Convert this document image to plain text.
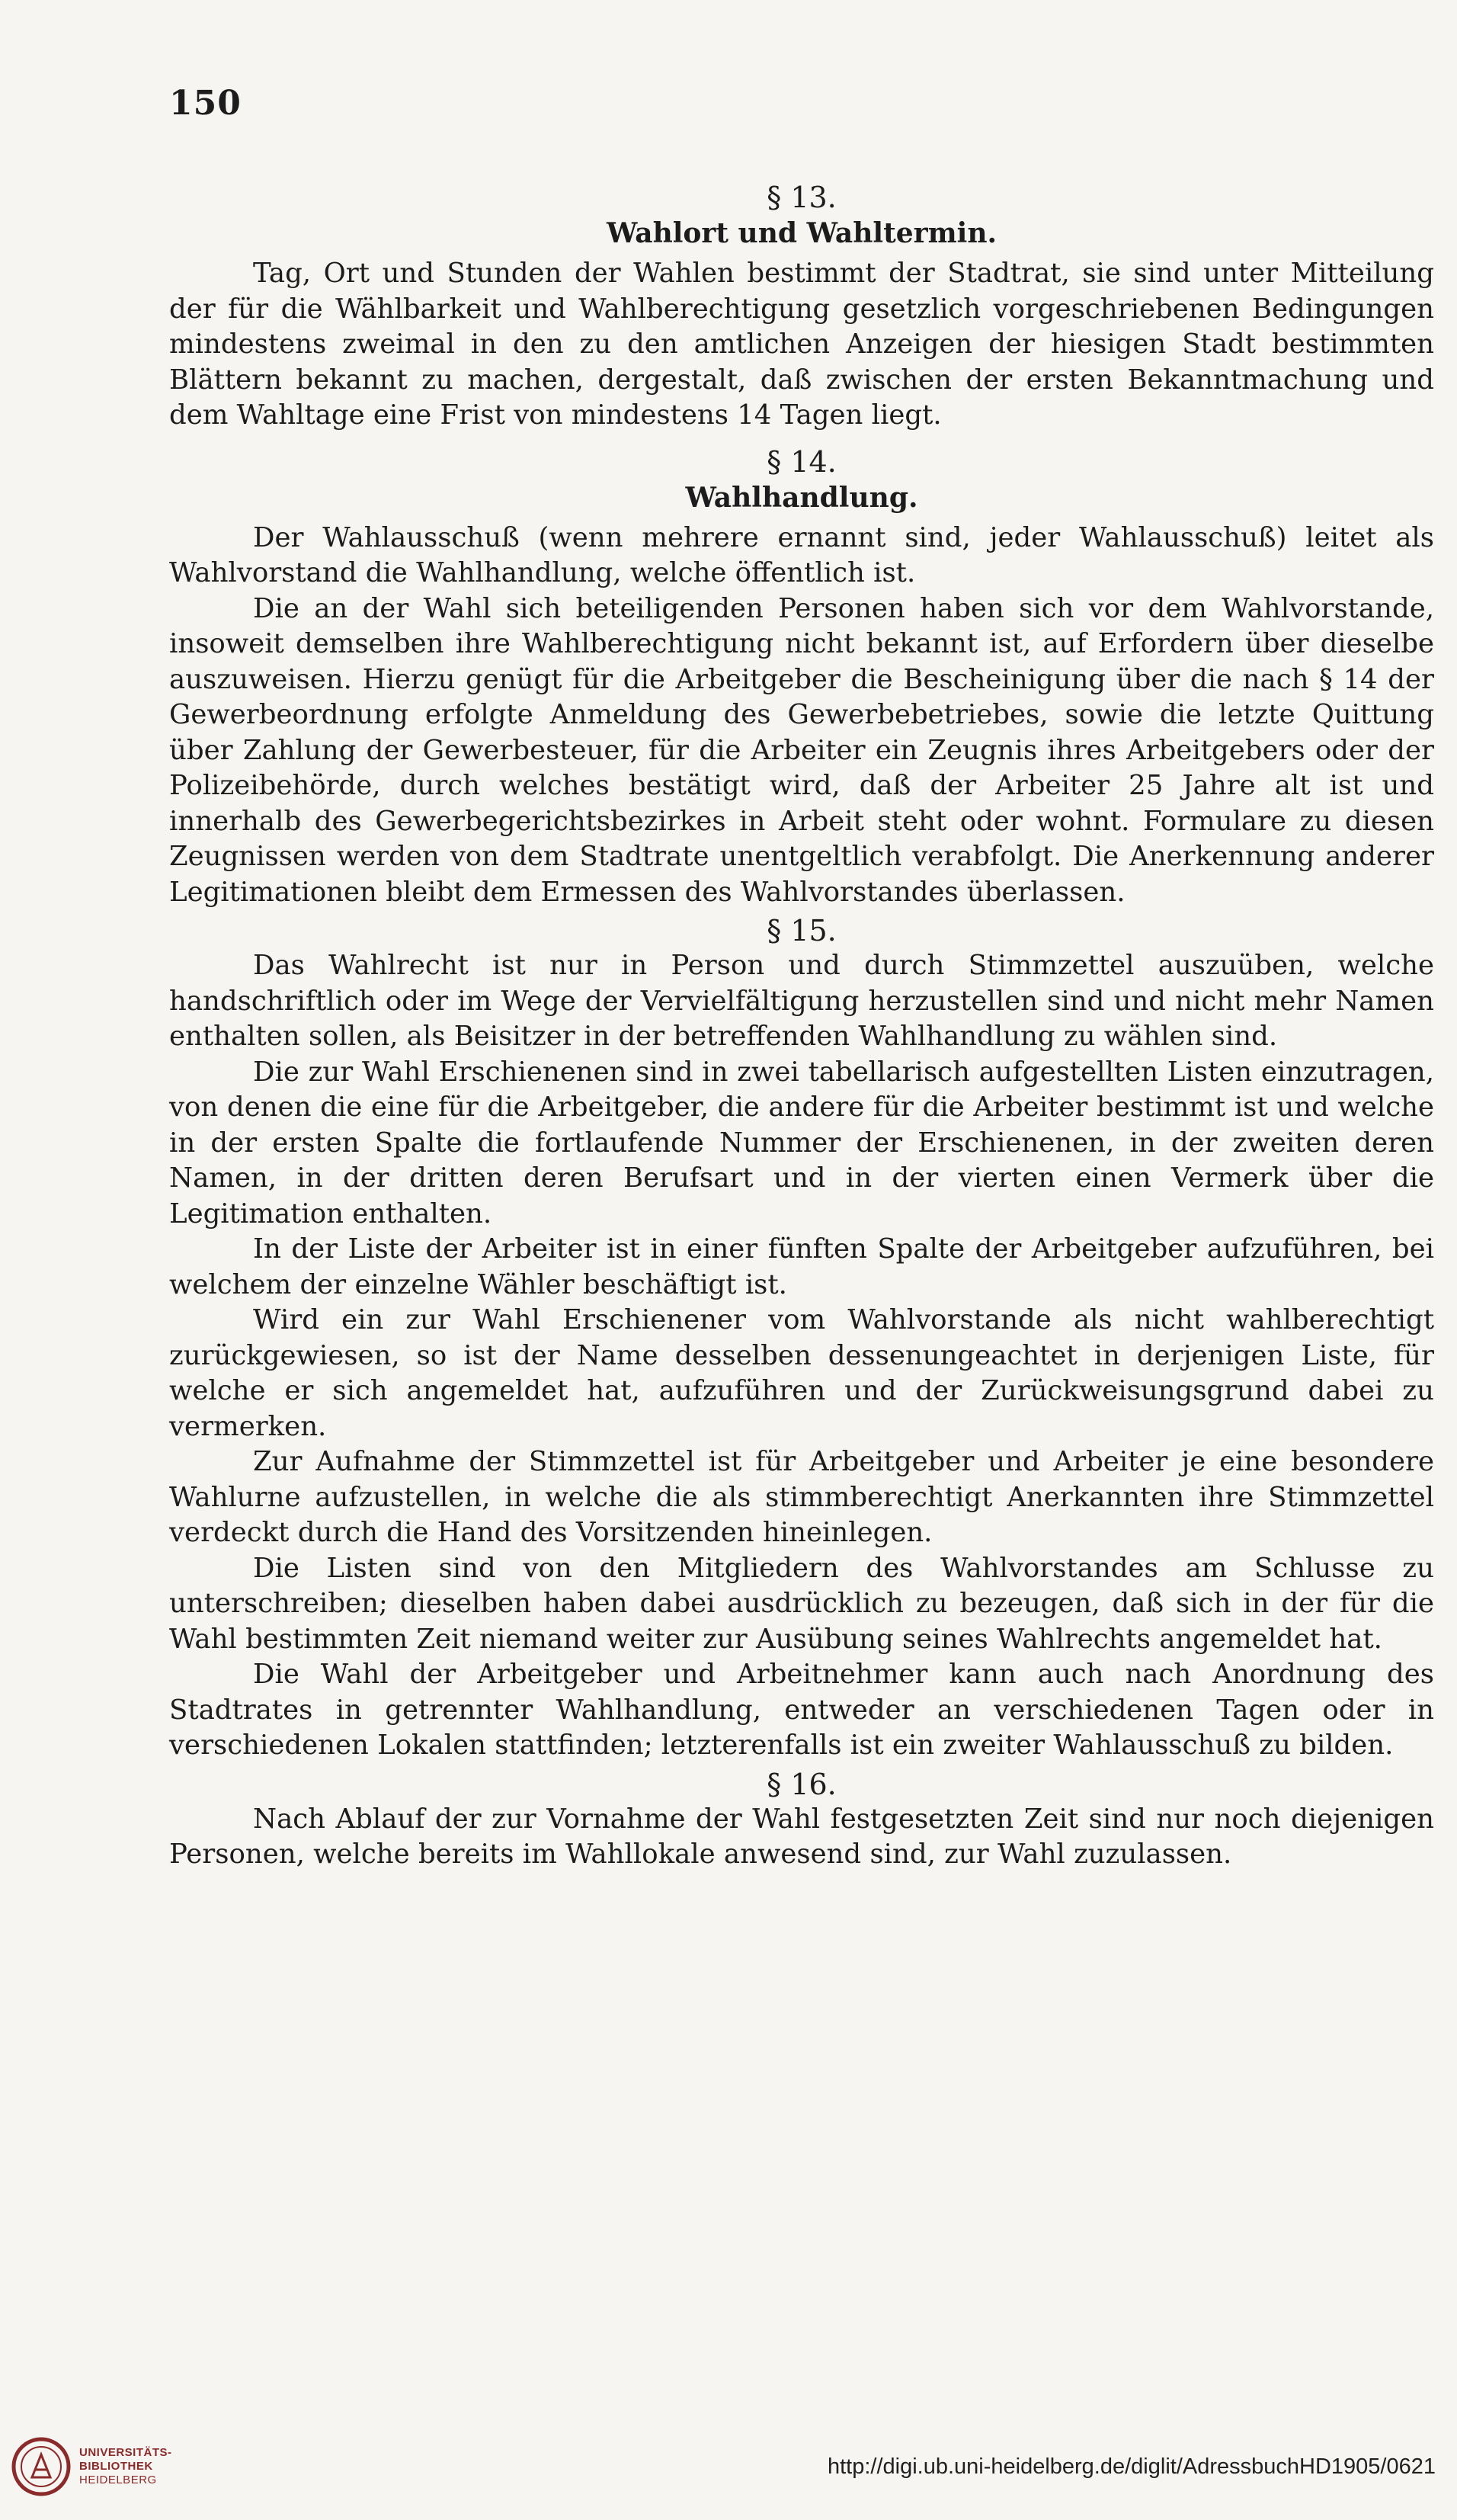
150

§ 13.

Wahlort und Wahltermin.

Tag, Ort und Stunden der Wahlen bestimmt der Stadtrat, sie sind unter Mitteilung der für die Wählbarkeit und Wahlberechtigung gesetzlich vorgeschriebenen Bedingungen mindestens zweimal in den zu den amtlichen Anzeigen der hiesigen Stadt bestimmten Blättern bekannt zu machen, dergestalt, daß zwischen der ersten Bekanntmachung und dem Wahltage eine Frist von mindestens 14 Tagen liegt.

§ 14.

Wahlhandlung.

Der Wahlausschuß (wenn mehrere ernannt sind, jeder Wahlausschuß) leitet als Wahlvorstand die Wahlhandlung, welche öffentlich ist.

Die an der Wahl sich beteiligenden Personen haben sich vor dem Wahlvorstande, insoweit demselben ihre Wahlberechtigung nicht bekannt ist, auf Erfordern über dieselbe auszuweisen. Hierzu genügt für die Arbeitgeber die Bescheinigung über die nach § 14 der Gewerbeordnung erfolgte Anmeldung des Gewerbebetriebes, sowie die letzte Quittung über Zahlung der Gewerbesteuer, für die Arbeiter ein Zeugnis ihres Arbeitgebers oder der Polizeibehörde, durch welches bestätigt wird, daß der Arbeiter 25 Jahre alt ist und innerhalb des Gewerbegerichtsbezirkes in Arbeit steht oder wohnt. Formulare zu diesen Zeugnissen werden von dem Stadtrate unentgeltlich verabfolgt. Die Anerkennung anderer Legitimationen bleibt dem Ermessen des Wahlvorstandes überlassen.

§ 15.

Das Wahlrecht ist nur in Person und durch Stimmzettel auszuüben, welche handschriftlich oder im Wege der Vervielfältigung herzustellen sind und nicht mehr Namen enthalten sollen, als Beisitzer in der betreffenden Wahlhandlung zu wählen sind.

Die zur Wahl Erschienenen sind in zwei tabellarisch aufgestellten Listen einzutragen, von denen die eine für die Arbeitgeber, die andere für die Arbeiter bestimmt ist und welche in der ersten Spalte die fortlaufende Nummer der Erschienenen, in der zweiten deren Namen, in der dritten deren Berufsart und in der vierten einen Vermerk über die Legitimation enthalten.

In der Liste der Arbeiter ist in einer fünften Spalte der Arbeitgeber aufzuführen, bei welchem der einzelne Wähler beschäftigt ist.

Wird ein zur Wahl Erschienener vom Wahlvorstande als nicht wahlberechtigt zurückgewiesen, so ist der Name desselben dessenungeachtet in derjenigen Liste, für welche er sich angemeldet hat, aufzuführen und der Zurückweisungsgrund dabei zu vermerken.

Zur Aufnahme der Stimmzettel ist für Arbeitgeber und Arbeiter je eine besondere Wahlurne aufzustellen, in welche die als stimmberechtigt Anerkannten ihre Stimmzettel verdeckt durch die Hand des Vorsitzenden hineinlegen.

Die Listen sind von den Mitgliedern des Wahlvorstandes am Schlusse zu unterschreiben; dieselben haben dabei ausdrücklich zu bezeugen, daß sich in der für die Wahl bestimmten Zeit niemand weiter zur Ausübung seines Wahlrechts angemeldet hat.

Die Wahl der Arbeitgeber und Arbeitnehmer kann auch nach Anordnung des Stadtrates in getrennter Wahlhandlung, entweder an verschiedenen Tagen oder in verschiedenen Lokalen stattfinden; letzterenfalls ist ein zweiter Wahlausschuß zu bilden.

§ 16.

Nach Ablauf der zur Vornahme der Wahl festgesetzten Zeit sind nur noch diejenigen Personen, welche bereits im Wahllokale anwesend sind, zur Wahl zuzulassen.

UNIVERSITÄTS-
BIBLIOTHEK
HEIDELBERG
http://digi.ub.uni-heidelberg.de/diglit/AdressbuchHD1905/0621
